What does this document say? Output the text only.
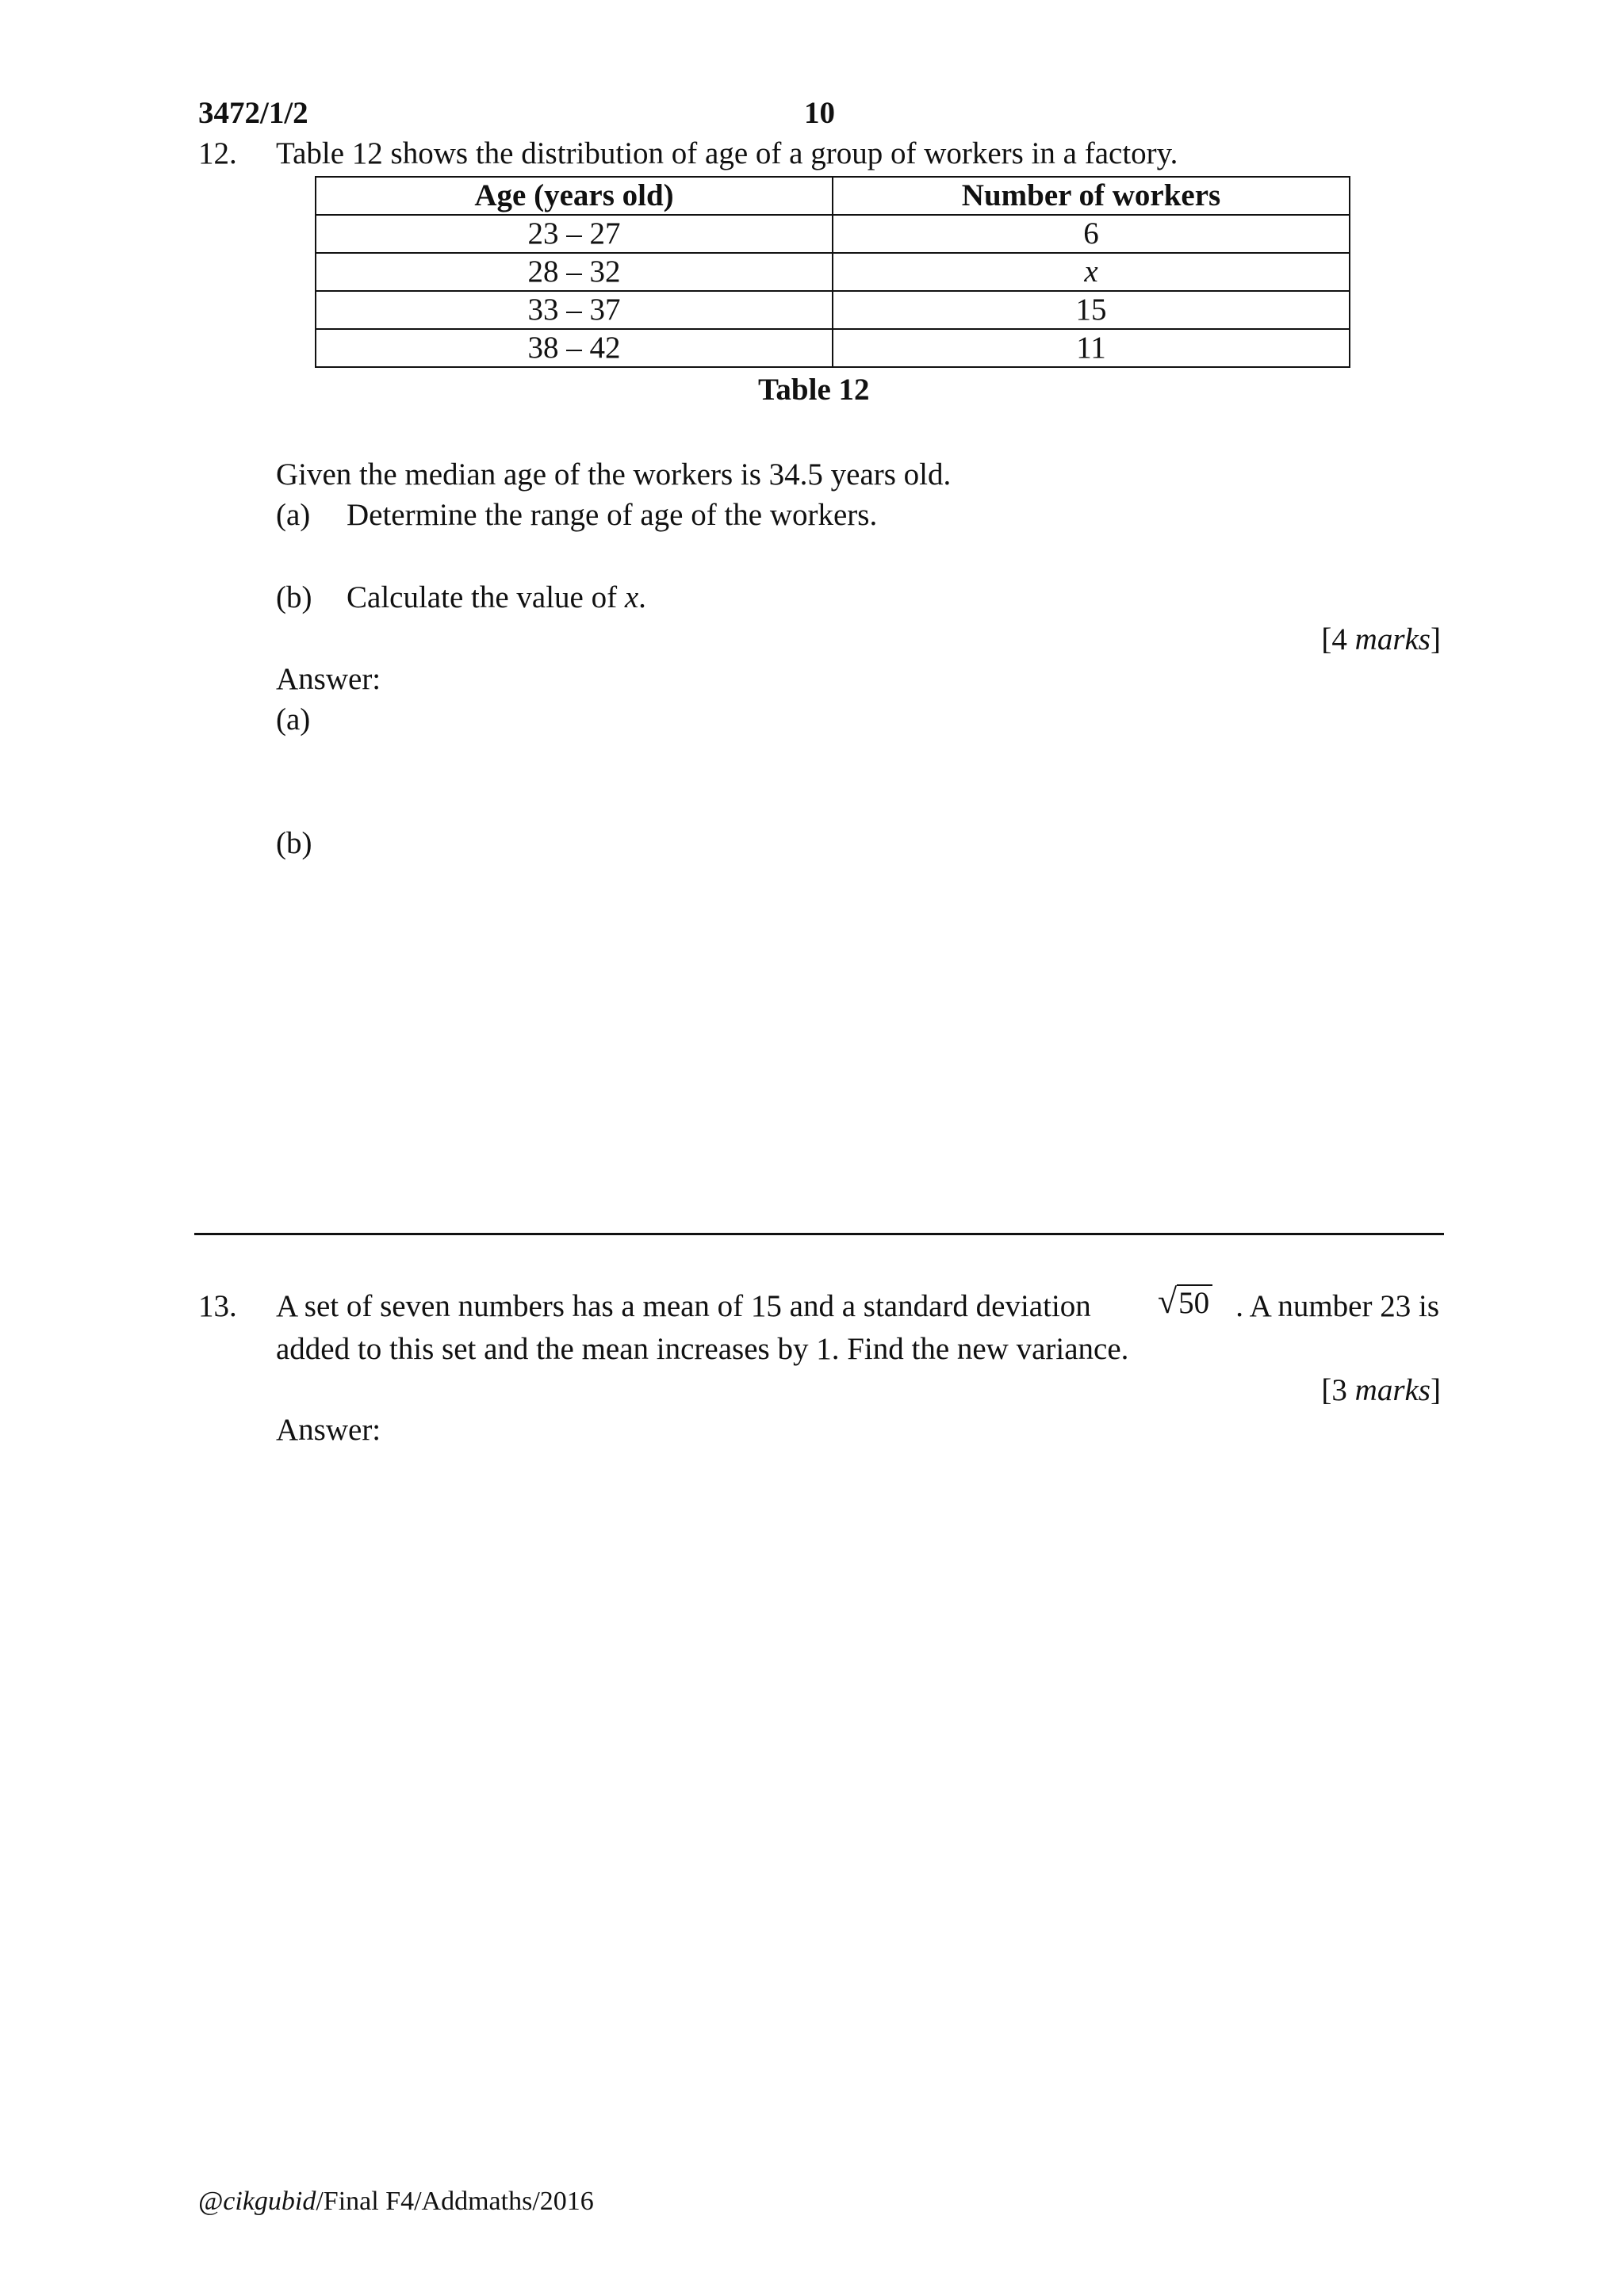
3472/1/2	10
12. Table 12 shows the distribution of age of a group of workers in a factory.
Age (years old)	Number of workers
23 – 27	6
28 – 32	x
33 – 37	15
38 – 42	11
Table 12
Given the median age of the workers is 34.5 years old.
(a) Determine the range of age of the workers.
(b) Calculate the value of x.
[4 marks]
Answer:
(a)
(b)
13. A set of seven numbers has a mean of 15 and a standard deviation √50 . A number 23 is
added to this set and the mean increases by 1. Find the new variance.
[3 marks]
Answer:
@cikgubid/Final F4/Addmaths/2016
